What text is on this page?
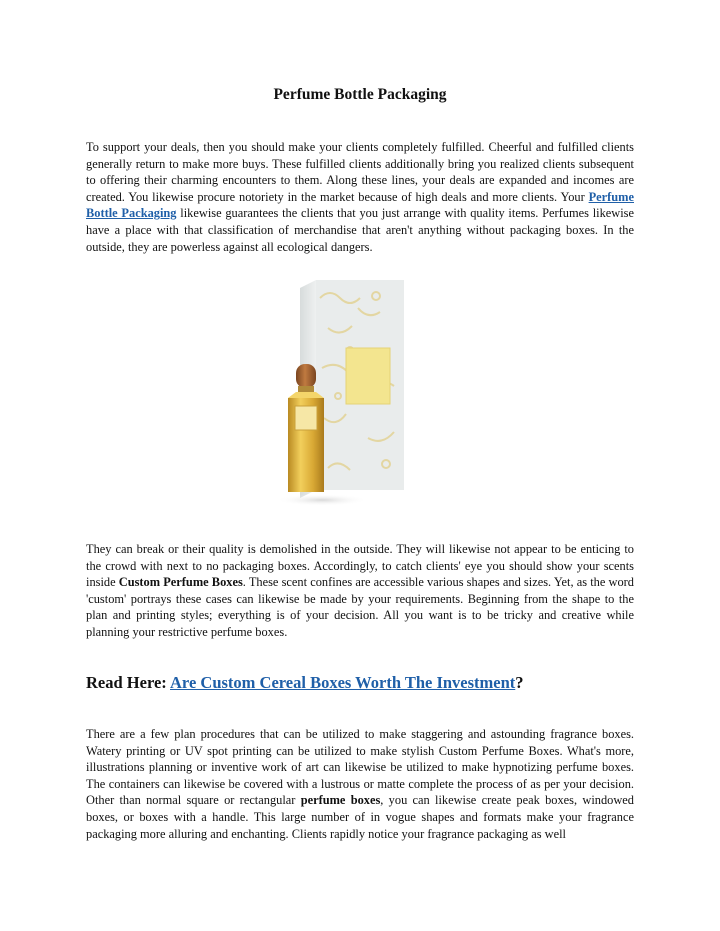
Perfume Bottle Packaging

To support your deals, then you should make your clients completely fulfilled. Cheerful and fulfilled clients generally return to make more buys. These fulfilled clients additionally bring you realized clients subsequent to offering their charming encounters to them. Along these lines, your deals are expanded and incomes are created. You likewise procure notoriety in the market because of high deals and more clients. Your Perfume Bottle Packaging likewise guarantees the clients that you just arrange with quality items. Perfumes likewise have a place with that classification of merchandise that aren't anything without packaging boxes. In the outside, they are powerless against all ecological dangers.

They can break or their quality is demolished in the outside. They will likewise not appear to be enticing to the crowd with next to no packaging boxes. Accordingly, to catch clients' eye you should show your scents inside Custom Perfume Boxes. These scent confines are accessible various shapes and sizes. Yet, as the word 'custom' portrays these cases can likewise be made by your requirements. Beginning from the shape to the plan and printing styles; everything is of your decision. All you want is to be tricky and creative while planning your restrictive perfume boxes.

Read Here: Are Custom Cereal Boxes Worth The Investment?

There are a few plan procedures that can be utilized to make staggering and astounding fragrance boxes. Watery printing or UV spot printing can be utilized to make stylish Custom Perfume Boxes. What's more, illustrations planning or inventive work of art can likewise be utilized to make hypnotizing perfume boxes. The containers can likewise be covered with a lustrous or matte complete the process of as per your decision. Other than normal square or rectangular perfume boxes, you can likewise create peak boxes, windowed boxes, or boxes with a handle. This large number of in vogue shapes and formats make your fragrance packaging more alluring and enchanting. Clients rapidly notice your fragrance packaging as well
